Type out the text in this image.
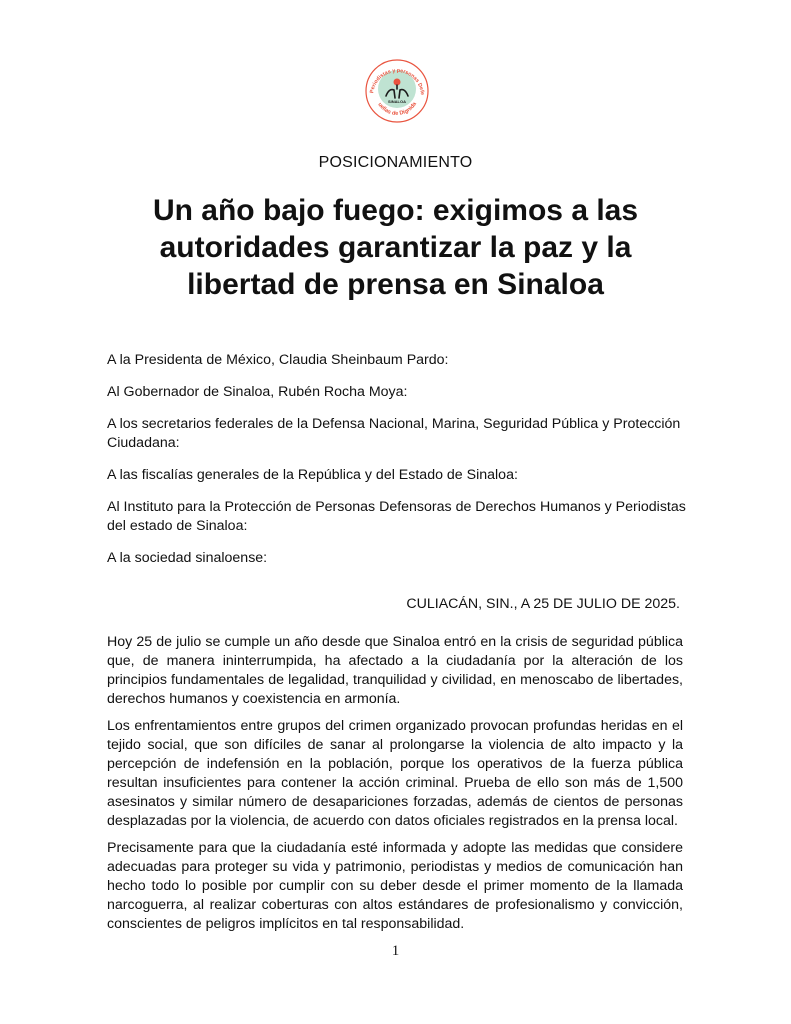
Periodistas y personas Defe
SINALOA
uellas de Dignida
POSICIONAMIENTO
Un año bajo fuego: exigimos a las
autoridades garantizar la paz y la
libertad de prensa en Sinaloa

A la Presidenta de México, Claudia Sheinbaum Pardo:

Al Gobernador de Sinaloa, Rubén Rocha Moya:

A los secretarios federales de la Defensa Nacional, Marina, Seguridad Pública y Protección Ciudadana:

A las fiscalías generales de la República y del Estado de Sinaloa:

Al Instituto para la Protección de Personas Defensoras de Derechos Humanos y Periodistas del estado de Sinaloa:

A la sociedad sinaloense:

CULIACÁN, SIN., A 25 DE JULIO DE 2025.

Hoy 25 de julio se cumple un año desde que Sinaloa entró en la crisis de seguridad pública que, de manera ininterrumpida, ha afectado a la ciudadanía por la alteración de los principios fundamentales de legalidad, tranquilidad y civilidad, en menoscabo de libertades, derechos humanos y coexistencia en armonía.

Los enfrentamientos entre grupos del crimen organizado provocan profundas heridas en el tejido social, que son difíciles de sanar al prolongarse la violencia de alto impacto y la percepción de indefensión en la población, porque los operativos de la fuerza pública resultan insuficientes para contener la acción criminal. Prueba de ello son más de 1,500 asesinatos y similar número de desapariciones forzadas, además de cientos de personas desplazadas por la violencia, de acuerdo con datos oficiales registrados en la prensa local.

Precisamente para que la ciudadanía esté informada y adopte las medidas que considere adecuadas para proteger su vida y patrimonio, periodistas y medios de comunicación han hecho todo lo posible por cumplir con su deber desde el primer momento de la llamada narcoguerra, al realizar coberturas con altos estándares de profesionalismo y convicción, conscientes de peligros implícitos en tal responsabilidad.

1
